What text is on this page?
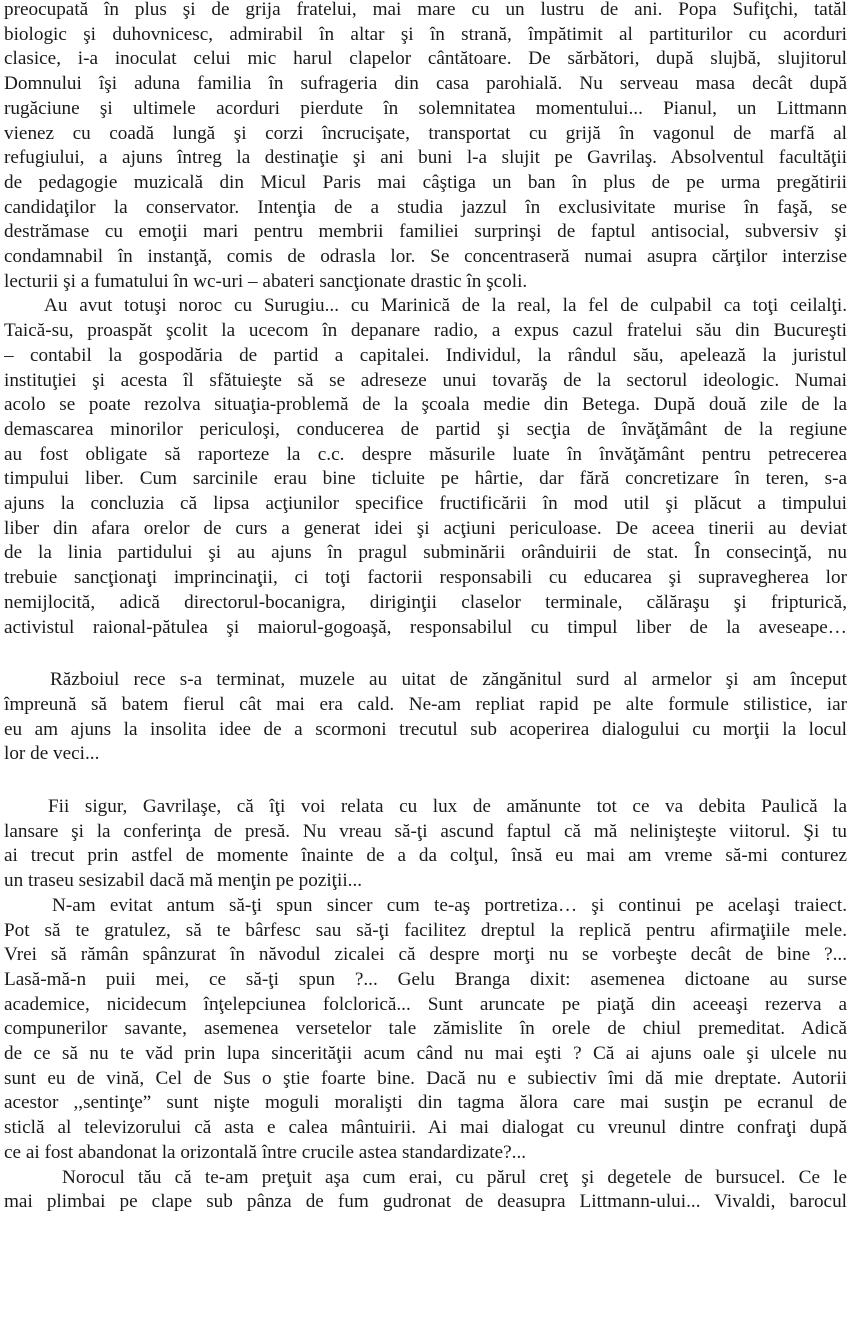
preocupată în plus şi de grija fratelui, mai mare cu un lustru de ani. Popa Sufiţchi, tatăl
biologic şi duhovnicesc, admirabil în altar şi în strană, împătimit al partiturilor cu acorduri
clasice, i-a inoculat celui mic harul clapelor cântătoare. De sărbători, după slujbă, slujitorul
Domnului îşi aduna familia în sufrageria din casa parohială. Nu serveau masa decât după
rugăciune şi ultimele acorduri pierdute în solemnitatea momentului... Pianul, un Littmann
vienez cu coadă lungă şi corzi încrucişate, transportat cu grijă în vagonul de marfă al
refugiului, a ajuns întreg la destinaţie şi ani buni l-a slujit pe Gavrilaş. Absolventul facultăţii
de pedagogie muzicală din Micul Paris mai câştiga un ban în plus de pe urma pregătirii
candidaţilor la conservator. Intenţia de a studia jazzul în exclusivitate murise în faşă, se
destrămase cu emoţii mari pentru membrii familiei surprinşi de faptul antisocial, subversiv şi
condamnabil în instanţă, comis de odrasla lor. Se concentraseră numai asupra cărţilor interzise
lecturii şi a fumatului în wc-uri – abateri sancţionate drastic în şcoli.
Au avut totuşi noroc cu Surugiu... cu Marinică de la real, la fel de culpabil ca toţi ceilalţi.
Taică-su, proaspăt şcolit la ucecom în depanare radio, a expus cazul fratelui său din Bucureşti
– contabil la gospodăria de partid a capitalei. Individul, la rândul său, apelează la juristul
instituţiei şi acesta îl sfătuieşte să se adreseze unui tovarăş de la sectorul ideologic. Numai
acolo se poate rezolva situaţia-problemă de la şcoala medie din Betega. După două zile de la
demascarea minorilor periculoşi, conducerea de partid şi secţia de învăţământ de la regiune
au fost obligate să raporteze la c.c. despre măsurile luate în învăţământ pentru petrecerea
timpului liber. Cum sarcinile erau bine ticluite pe hârtie, dar fără concretizare în teren, s-a
ajuns la concluzia că lipsa acţiunilor specifice fructificării în mod util şi plăcut a timpului
liber din afara orelor de curs a generat idei şi acţiuni periculoase. De aceea tinerii au deviat
de la linia partidului şi au ajuns în pragul subminării orânduirii de stat. În consecinţă, nu
trebuie sancţionaţi imprincinaţii, ci toţi factorii responsabili cu educarea şi supravegherea lor
nemijlocită, adică directorul-bocanigra, diriginţii claselor terminale, călăraşu şi fripturică,
activistul raional-pătulea şi maiorul-gogoaşă, responsabilul cu timpul liber de la aveseape…
Războiul rece s-a terminat, muzele au uitat de zăngănitul surd al armelor şi am început
împreună să batem fierul cât mai era cald. Ne-am repliat rapid pe alte formule stilistice, iar
eu am ajuns la insolita idee de a scormoni trecutul sub acoperirea dialogului cu morţii la locul
lor de veci...
Fii sigur, Gavrilaşe, că îţi voi relata cu lux de amănunte tot ce va debita Paulică la
lansare şi la conferinţa de presă. Nu vreau să-ţi ascund faptul că mă nelinişteşte viitorul. Şi tu
ai trecut prin astfel de momente înainte de a da colţul, însă eu mai am vreme să-mi conturez
un traseu sesizabil dacă mă menţin pe poziţii...
N-am evitat antum să-ţi spun sincer cum te-aş portretiza… şi continui pe acelaşi traiect.
Pot să te gratulez, să te bârfesc sau să-ţi facilitez dreptul la replică pentru afirmaţiile mele.
Vrei să rămân spânzurat în năvodul zicalei că despre morţi nu se vorbeşte decât de bine ?...
Lasă-mă-n puii mei, ce să-ţi spun ?... Gelu Branga dixit: asemenea dictoane au surse
academice, nicidecum înţelepciunea folclorică... Sunt aruncate pe piaţă din aceeaşi rezerva a
compunerilor savante, asemenea versetelor tale zămislite în orele de chiul premeditat. Adică
de ce să nu te văd prin lupa sincerităţii acum când nu mai eşti ? Că ai ajuns oale şi ulcele nu
sunt eu de vină, Cel de Sus o ştie foarte bine. Dacă nu e subiectiv îmi dă mie dreptate. Autorii
acestor ,,sentinţe” sunt nişte moguli moralişti din tagma ălora care mai susţin pe ecranul de
sticlă al televizorului că asta e calea mântuirii. Ai mai dialogat cu vreunul dintre confraţi după
ce ai fost abandonat la orizontală între crucile astea standardizate?...
Norocul tău că te-am preţuit aşa cum erai, cu părul creţ şi degetele de bursucel. Ce le
mai plimbai pe clape sub pânza de fum gudronat de deasupra Littmann-ului... Vivaldi, barocul
